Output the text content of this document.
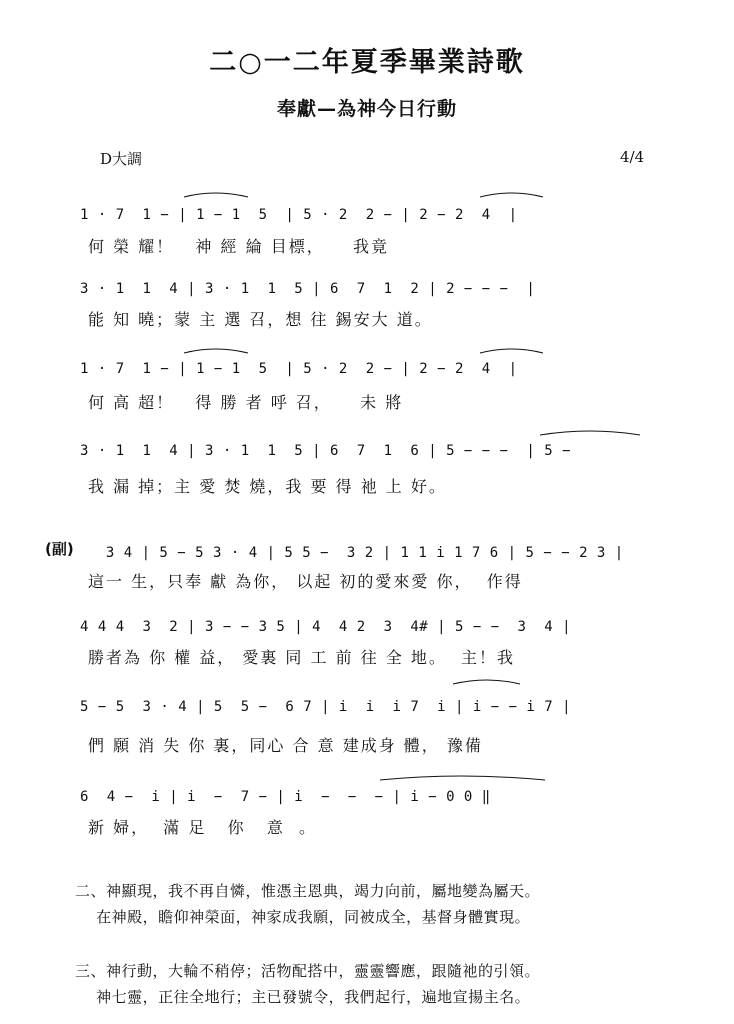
二○一二年夏季畢業詩歌
奉獻—為神今日行動
D大調	4/4
1 · 7  1 − | 1 − 1  5  | 5 · 2  2 − | 2 − 2  4  |
何 榮 耀！   神 經 綸 目標，    我竟
3 · 1  1  4 | 3 · 1  1  5 | 6  7  1  2 | 2 − − −  |
能 知 曉；蒙 主 選 召，想 往 錫安大 道。
1 · 7  1 − | 1 − 1  5  | 5 · 2  2 − | 2 − 2  4  |
何 高 超！   得 勝 者 呼 召，    未 將
3 · 1  1  4 | 3 · 1  1  5 | 6  7  1  6 | 5 − − −  | 5 −
我 漏 掉；主 愛 焚 燒，我 要 得 祂 上 好。
(副) 3 4 | 5 − 5 3 · 4 | 5 5 −  3 2 | 1 1 i 1 7 6 | 5 − − 2 3 |
這一 生，只奉 獻 為你， 以起 初的愛來愛 你，  作得
4 4 4  3  2 | 3 − − 3 5 | 4  4 2  3  4# | 5 − −  3  4 |
勝者為 你 權 益， 愛裏 同 工 前 往 全 地。  主！我
5 − 5  3 · 4 | 5  5 −  6 7 | i  i  i 7  i | i − − i 7 |
們 願 消 失 你 裏，同心 合 意 建成身 體， 豫備
6  4 −  i | i  −  7 − | i  −  −  − | i − 0 0 ‖
新 婦，  滿 足   你   意  。
二、神顯現，我不再自憐，惟憑主恩典，竭力向前，屬地變為屬天。
在神殿，瞻仰神榮面，神家成我願，同被成全，基督身體實現。
三、神行動，大輪不稍停；活物配搭中，靈靈響應，跟隨祂的引領。
神七靈，正往全地行；主已發號令，我們起行，遍地宣揚主名。
